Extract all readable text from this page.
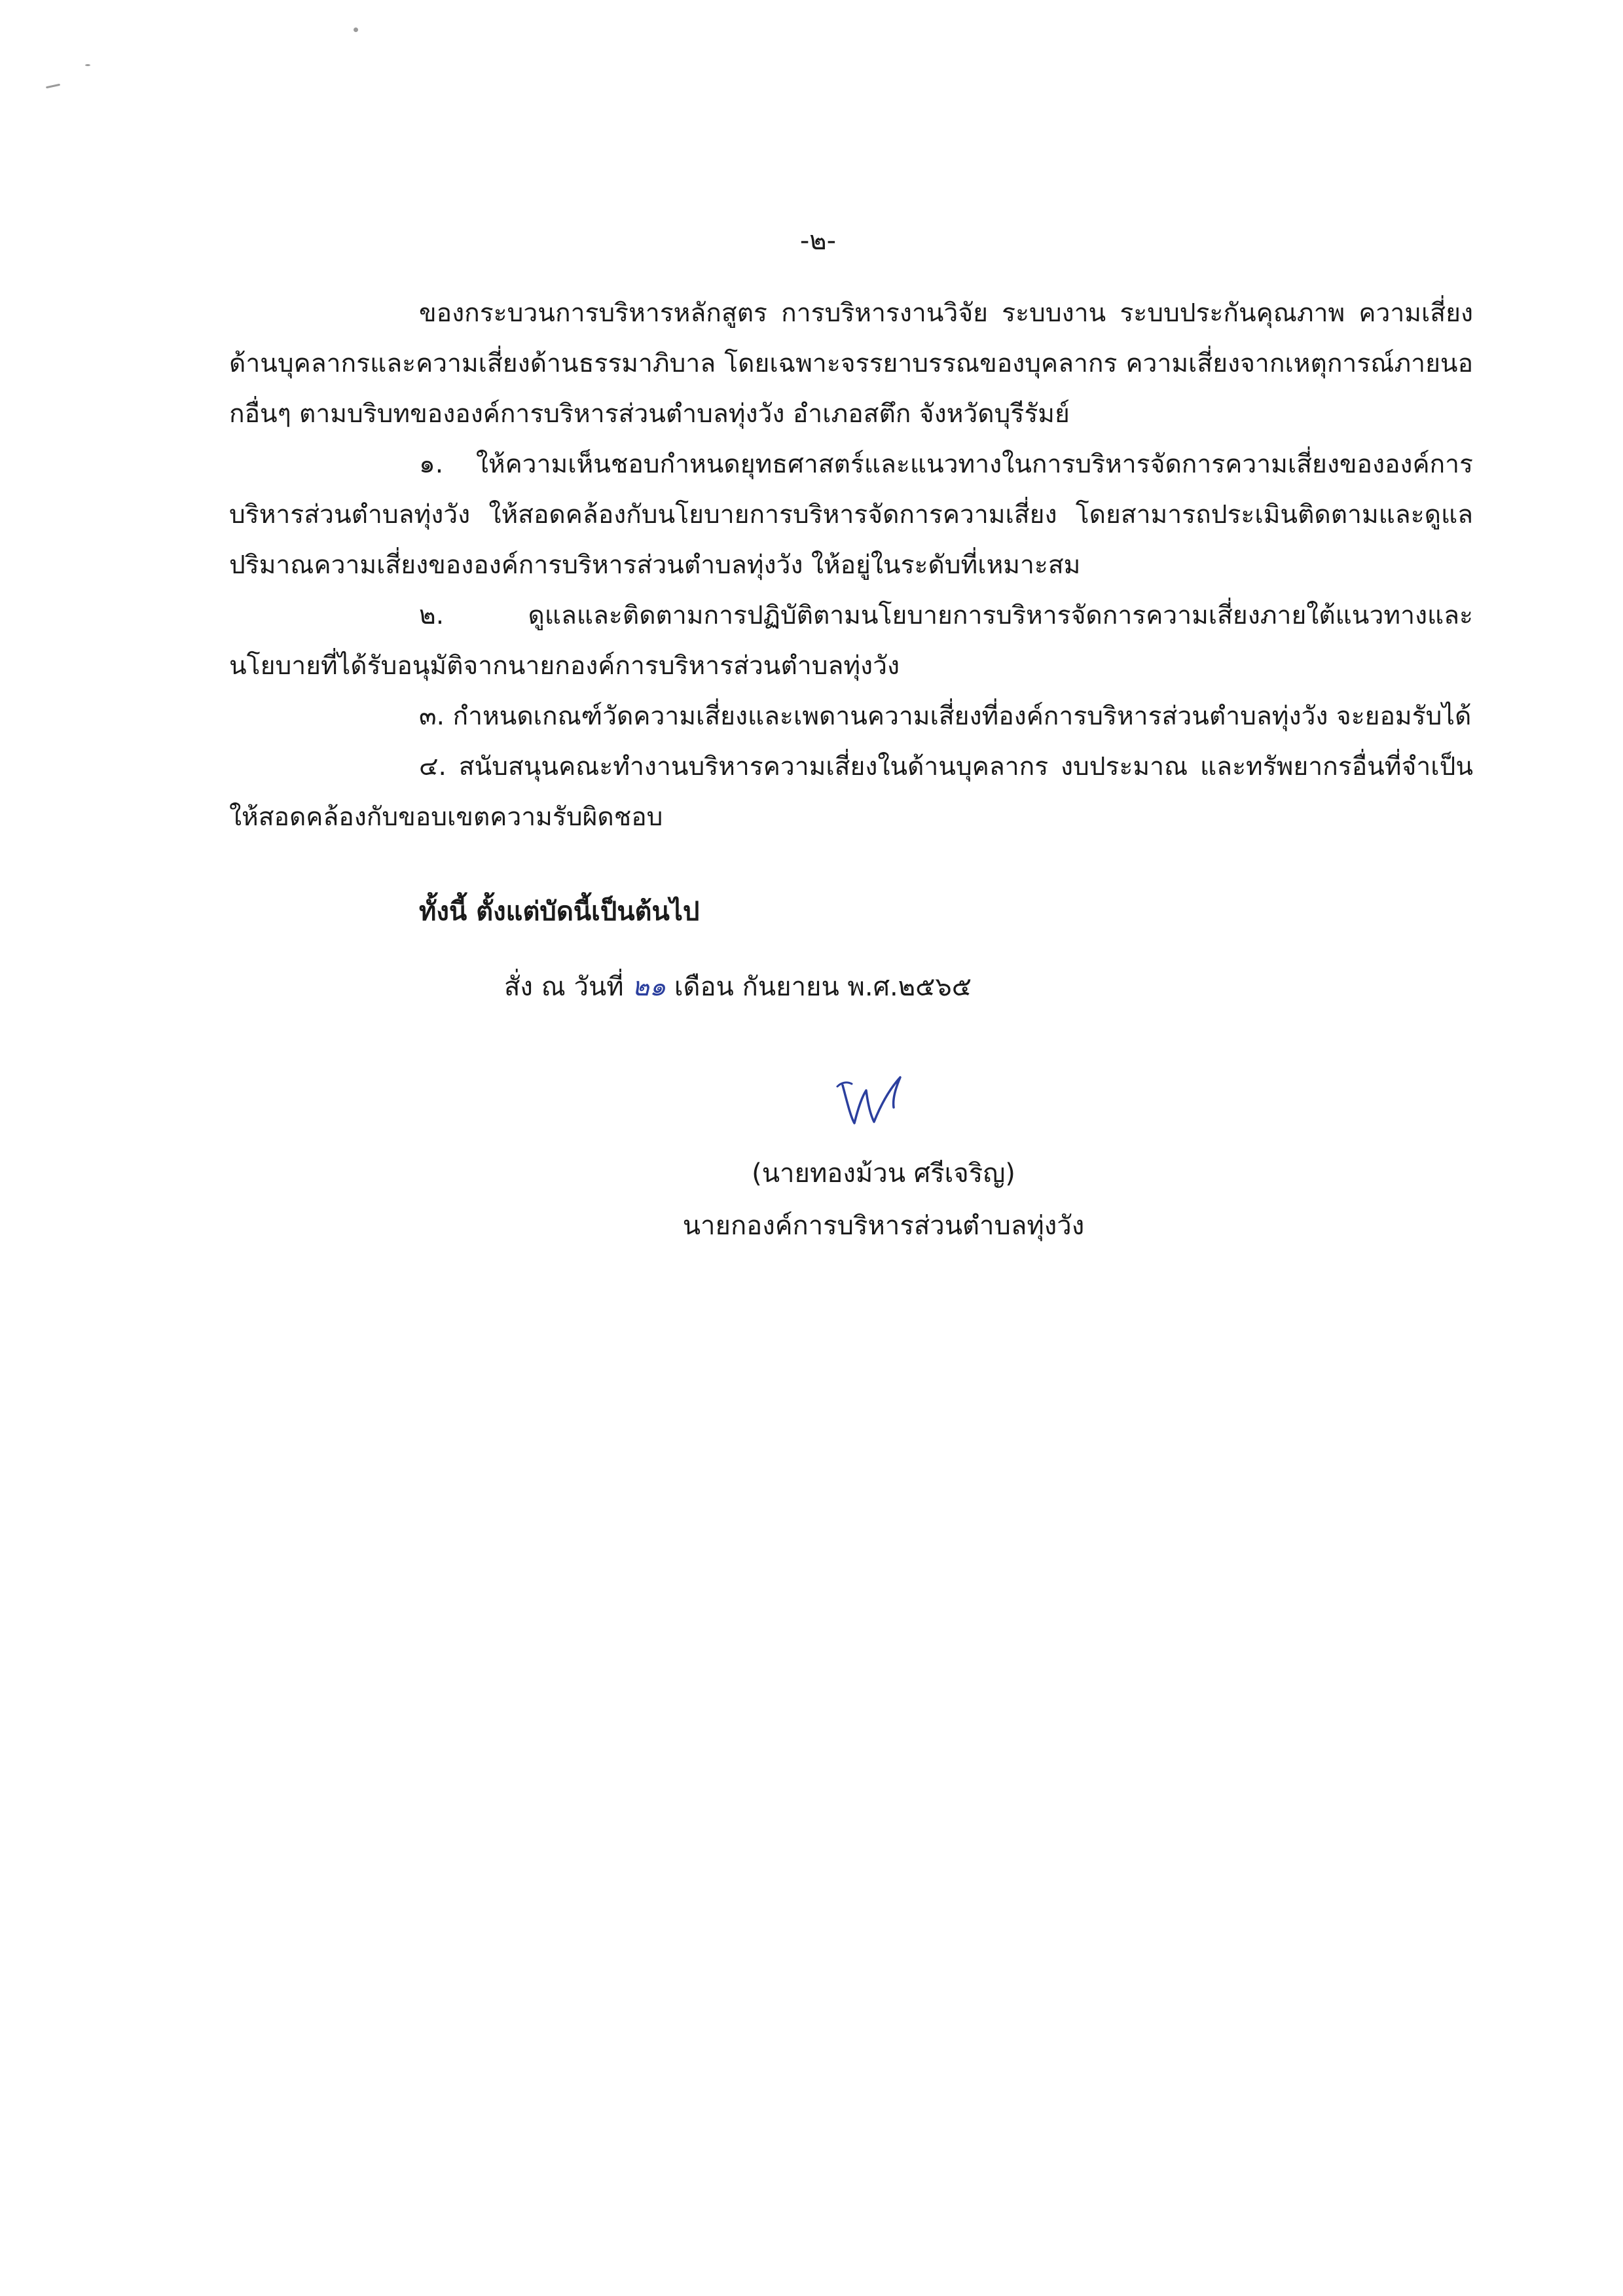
-๒-

ของกระบวนการบริหารหลักสูตร การบริหารงานวิจัย ระบบงาน ระบบประกันคุณภาพ ความเสี่ยงด้านบุคลากรและความเสี่ยงด้านธรรมาภิบาล โดยเฉพาะจรรยาบรรณของบุคลากร ความเสี่ยงจากเหตุการณ์ภายนอกอื่นๆ ตามบริบทขององค์การบริหารส่วนตำบลทุ่งวัง อำเภอสตึก จังหวัดบุรีรัมย์

๑. ให้ความเห็นชอบกำหนดยุทธศาสตร์และแนวทางในการบริหารจัดการความเสี่ยงขององค์การบริหารส่วนตำบลทุ่งวัง ให้สอดคล้องกับนโยบายการบริหารจัดการความเสี่ยง โดยสามารถประเมินติดตามและดูแลปริมาณความเสี่ยงขององค์การบริหารส่วนตำบลทุ่งวัง ให้อยู่ในระดับที่เหมาะสม

๒. ดูแลและติดตามการปฏิบัติตามนโยบายการบริหารจัดการความเสี่ยงภายใต้แนวทางและนโยบายที่ได้รับอนุมัติจากนายกองค์การบริหารส่วนตำบลทุ่งวัง

๓. กำหนดเกณฑ์วัดความเสี่ยงและเพดานความเสี่ยงที่องค์การบริหารส่วนตำบลทุ่งวัง จะยอมรับได้

๔. สนับสนุนคณะทำงานบริหารความเสี่ยงในด้านบุคลากร งบประมาณ และทรัพยากรอื่นที่จำเป็น ให้สอดคล้องกับขอบเขตความรับผิดชอบ

ทั้งนี้ ตั้งแต่บัดนี้เป็นต้นไป
สั่ง ณ วันที่ ๒๑ เดือน กันยายน พ.ศ.๒๕๖๕
(นายทองม้วน ศรีเจริญ)
นายกองค์การบริหารส่วนตำบลทุ่งวัง
